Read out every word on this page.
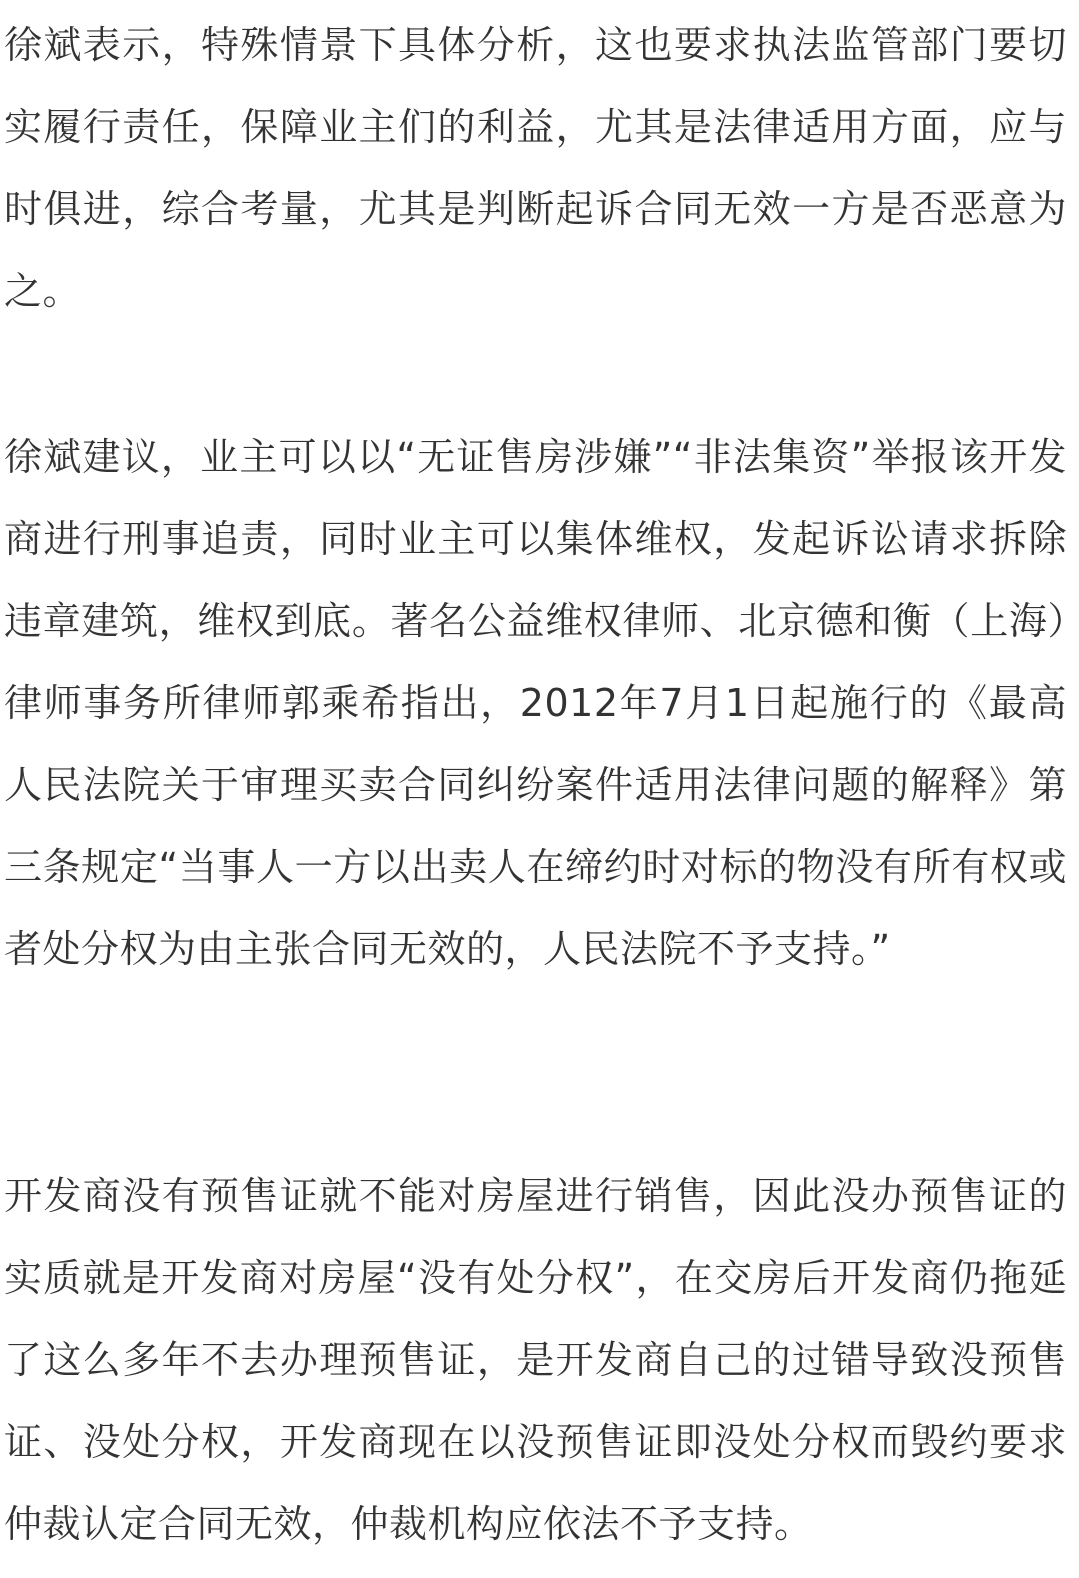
徐斌表示，特殊情景下具体分析，这也要求执法监管部门要切实履行责任，保障业主们的利益，尤其是法律适用方面，应与时俱进，综合考量，尤其是判断起诉合同无效一方是否恶意为之。

徐斌建议，业主可以以“无证售房涉嫌”“非法集资”举报该开发商进行刑事追责，同时业主可以集体维权，发起诉讼请求拆除违章建筑，维权到底。著名公益维权律师、北京德和衡（上海）律师事务所律师郭乘希指出，2012年7月1日起施行的《最高人民法院关于审理买卖合同纠纷案件适用法律问题的解释》第三条规定“当事人一方以出卖人在缔约时对标的物没有所有权或者处分权为由主张合同无效的，人民法院不予支持。”

开发商没有预售证就不能对房屋进行销售，因此没办预售证的实质就是开发商对房屋“没有处分权”，在交房后开发商仍拖延了这么多年不去办理预售证，是开发商自己的过错导致没预售证、没处分权，开发商现在以没预售证即没处分权而毁约要求仲裁认定合同无效，仲裁机构应依法不予支持。
